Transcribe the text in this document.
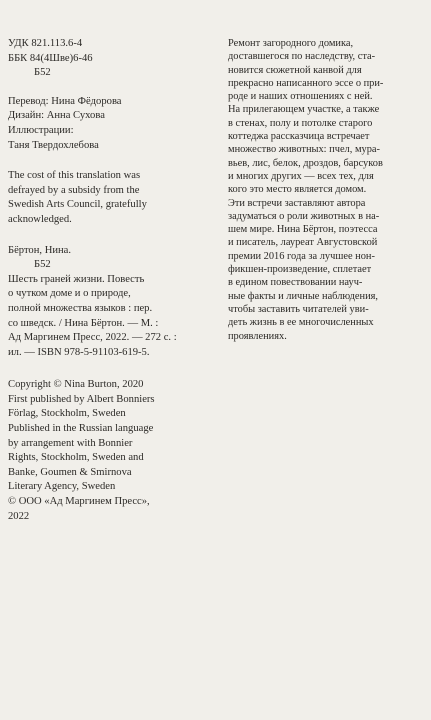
УДК 821.113.6-4
ББК 84(4Шве)6-46
Б52
Перевод: Нина Фёдорова
Дизайн: Анна Сухова
Иллюстрации:
Таня Твердохлебова
The cost of this translation was
defrayed by a subsidy from the
Swedish Arts Council, gratefully
acknowledged.
Бёртон, Нина.
Б52
Шесть граней жизни. Повесть
о чутком доме и о природе,
полной множества языков : пер.
со шведск. / Нина Бёртон. — М. :
Ад Маргинем Пресс, 2022. — 272 с. :
ил. — ISBN 978-5-91103-619-5.
Copyright © Nina Burton, 2020
First published by Albert Bonniers
Förlag, Stockholm, Sweden
Published in the Russian language
by arrangement with Bonnier
Rights, Stockholm, Sweden and
Banke, Goumen & Smirnova
Literary Agency, Sweden
© ООО «Ад Маргинем Пресс»,
2022
Ремонт загородного домика,
доставшегося по наследству, ста-
новится сюжетной канвой для
прекрасно написанного эссе о при-
роде и наших отношениях с ней.
На прилегающем участке, а также
в стенах, полу и потолке старого
коттеджа рассказчица встречает
множество животных: пчел, мура-
вьев, лис, белок, дроздов, барсуков
и многих других — всех тех, для
кого это место является домом.
Эти встречи заставляют автора
задуматься о роли животных в на-
шем мире. Нина Бёртон, поэтесса
и писатель, лауреат Августовской
премии 2016 года за лучшее нон-
фикшен-произведение, сплетает
в едином повествовании науч-
ные факты и личные наблюдения,
чтобы заставить читателей уви-
деть жизнь в ее многочисленных
проявлениях.
